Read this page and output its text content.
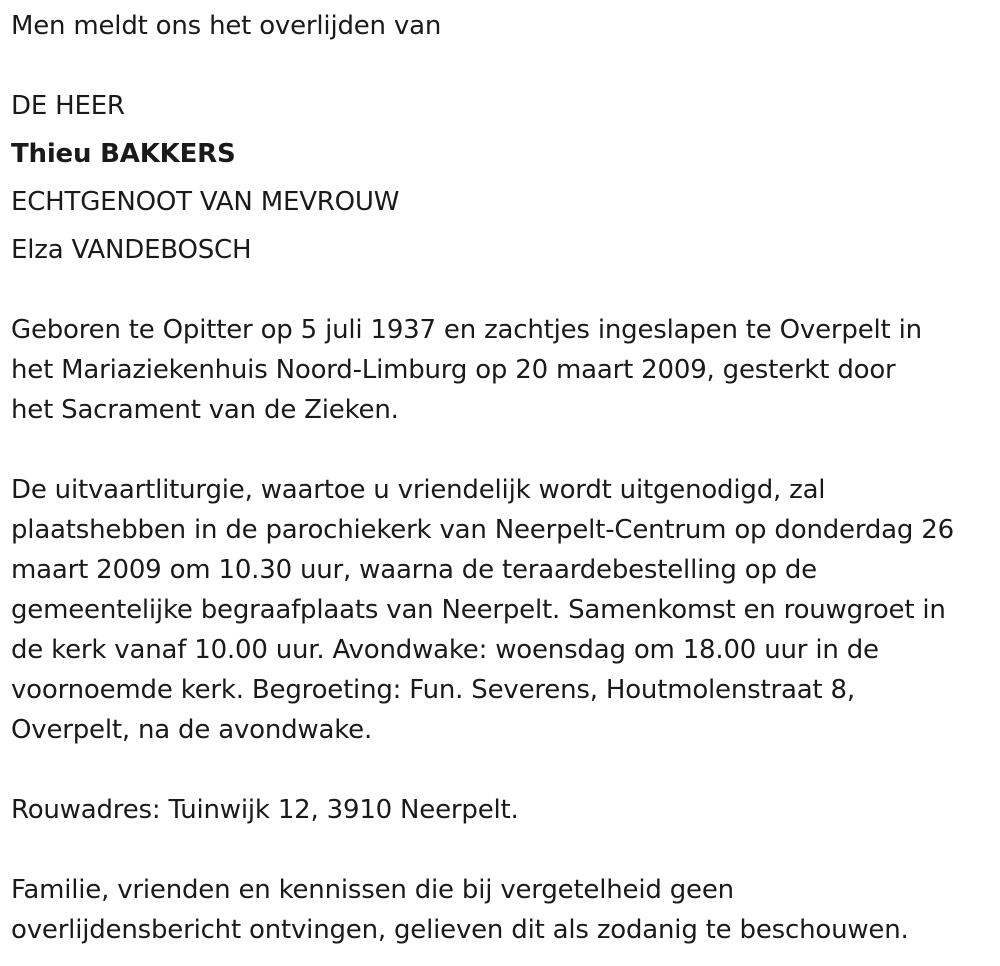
Men meldt ons het overlijden van
DE HEER
Thieu BAKKERS
ECHTGENOOT VAN MEVROUW
Elza VANDEBOSCH
Geboren te Opitter op 5 juli 1937 en zachtjes ingeslapen te Overpelt in
het Mariaziekenhuis Noord-Limburg op 20 maart 2009, gesterkt door
het Sacrament van de Zieken.
De uitvaartliturgie, waartoe u vriendelijk wordt uitgenodigd, zal
plaatshebben in de parochiekerk van Neerpelt-Centrum op donderdag 26
maart 2009 om 10.30 uur, waarna de teraardebestelling op de
gemeentelijke begraafplaats van Neerpelt. Samenkomst en rouwgroet in
de kerk vanaf 10.00 uur. Avondwake: woensdag om 18.00 uur in de
voornoemde kerk. Begroeting: Fun. Severens, Houtmolenstraat 8,
Overpelt, na de avondwake.
Rouwadres: Tuinwijk 12, 3910 Neerpelt.
Familie, vrienden en kennissen die bij vergetelheid geen
overlijdensbericht ontvingen, gelieven dit als zodanig te beschouwen.
